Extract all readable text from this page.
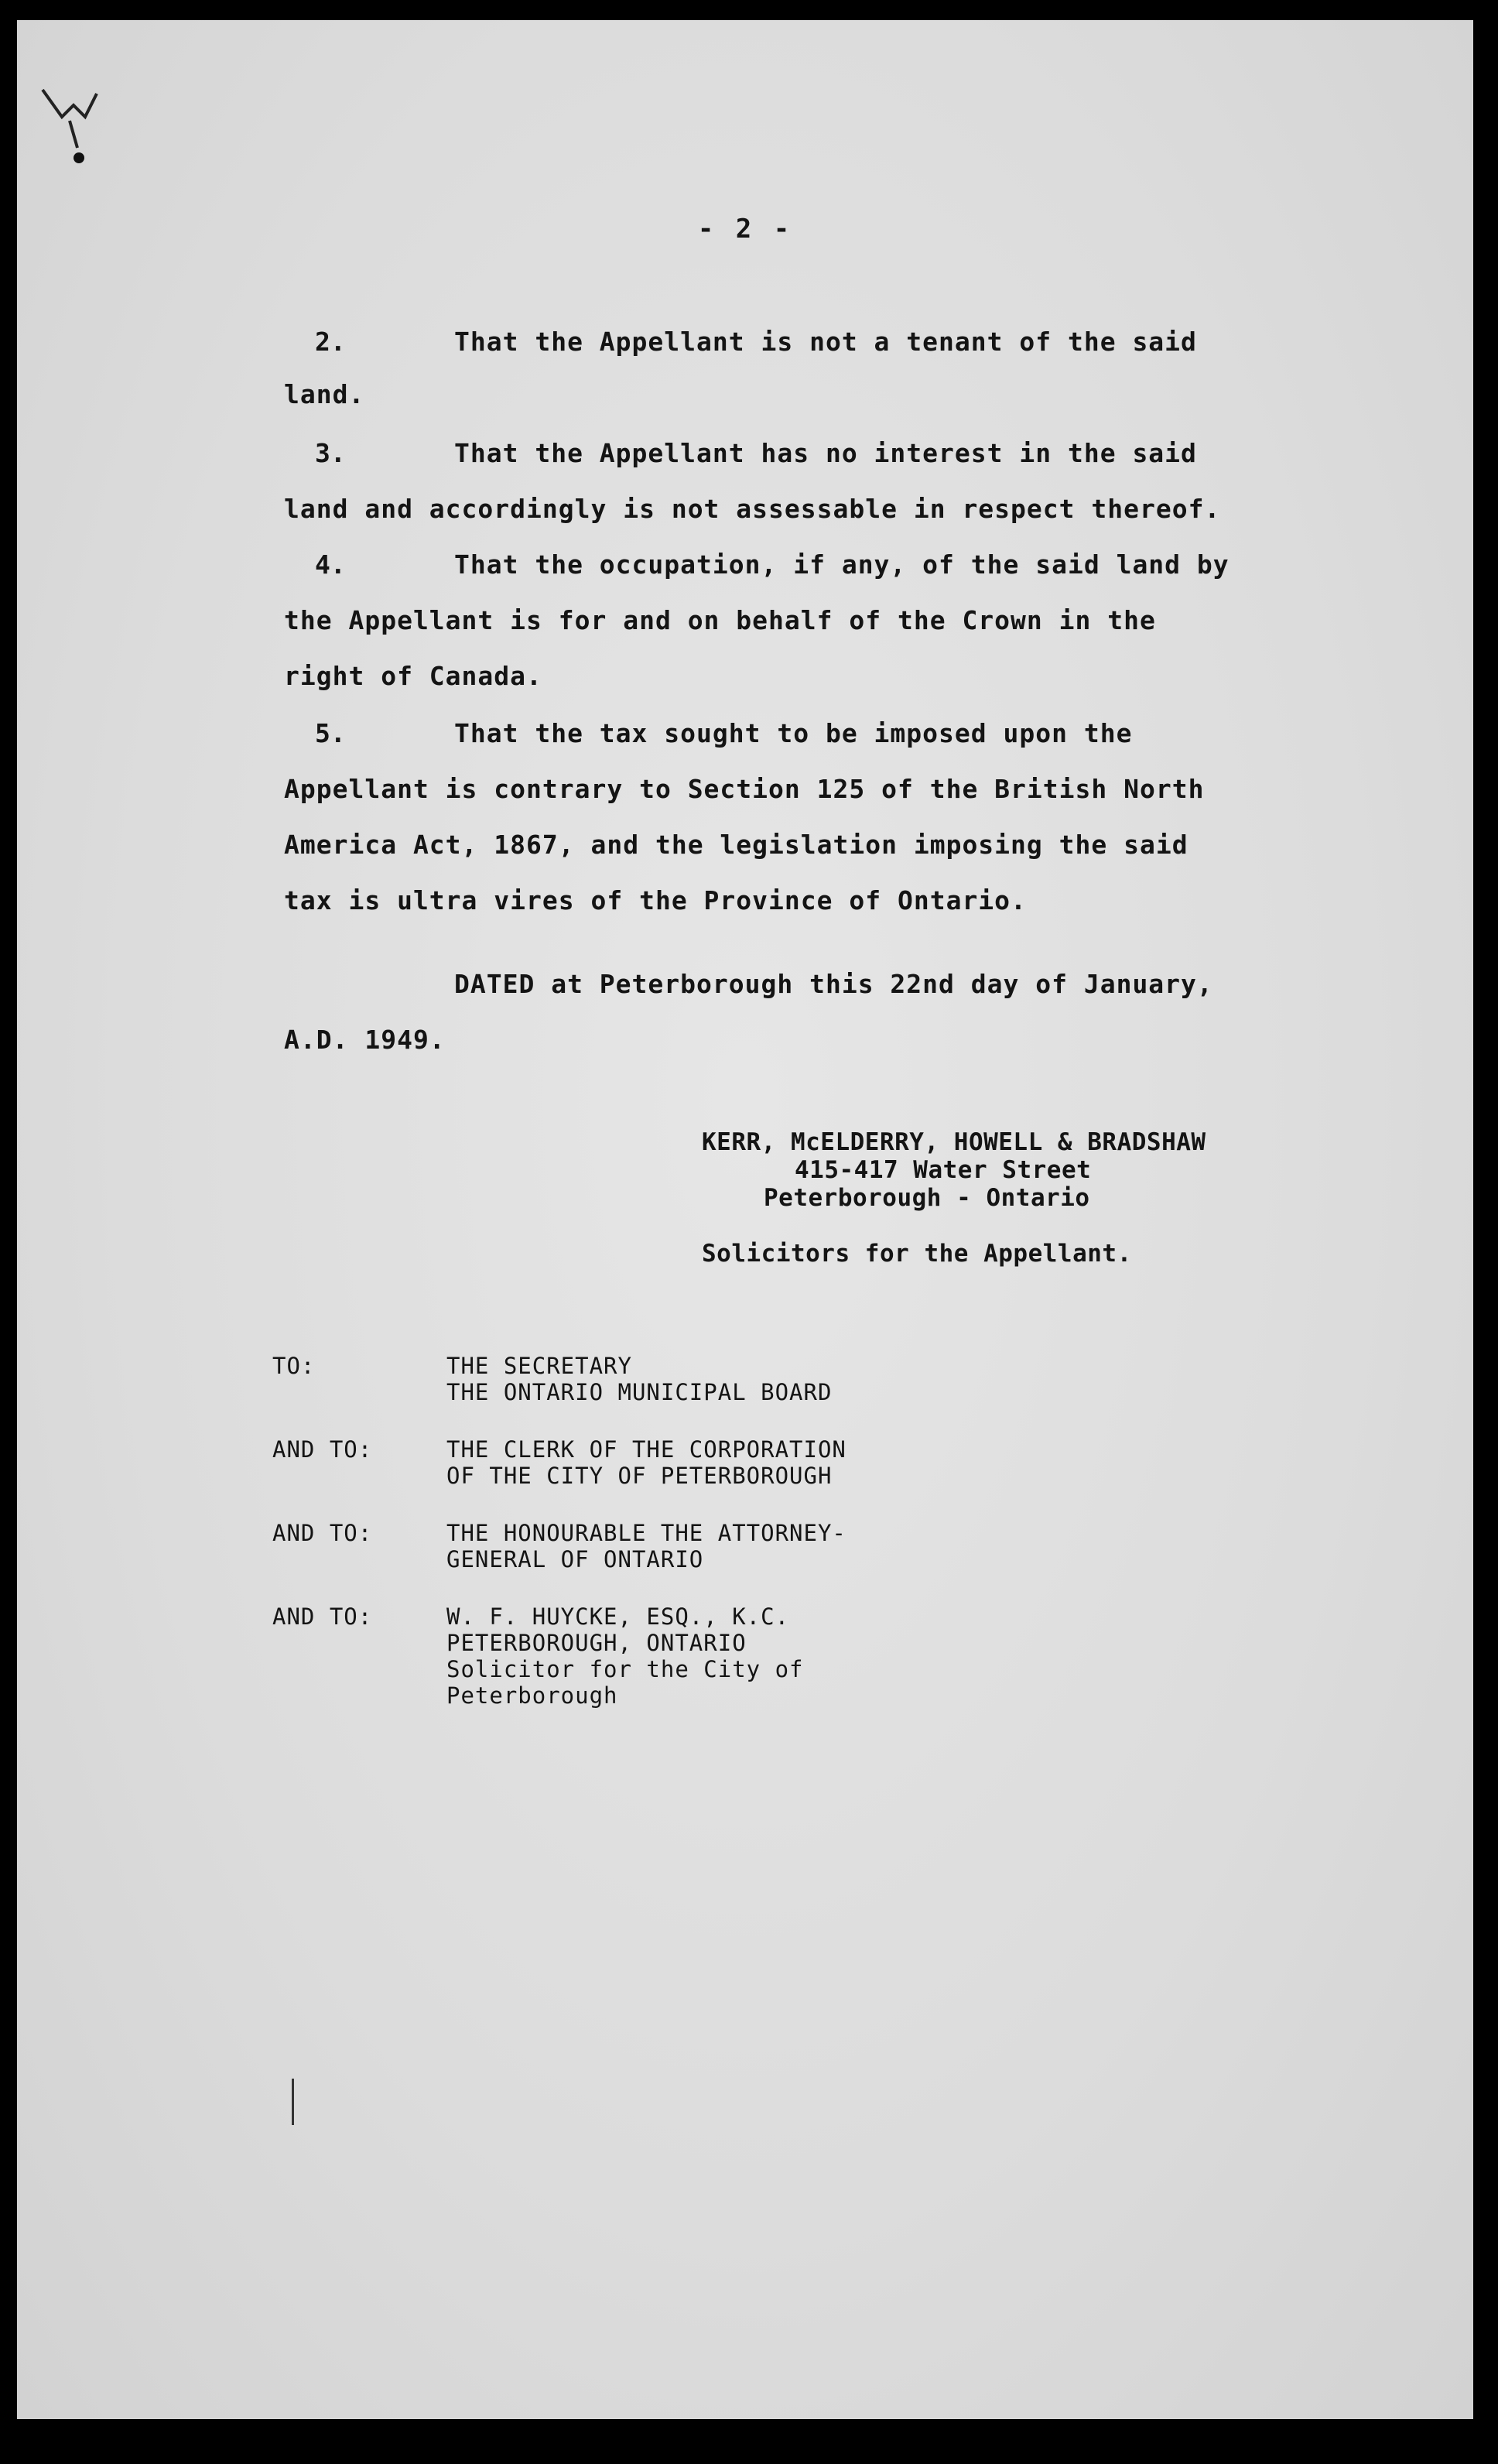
- 2 -
2.	That the Appellant is not a tenant of the said
land.
3.	That the Appellant has no interest in the said
land and accordingly is not assessable in respect thereof.
4.	That the occupation, if any, of the said land by
the Appellant is for and on behalf of the Crown in the
right of Canada.
5.	That the tax sought to be imposed upon the
Appellant is contrary to Section 125 of the British North
America Act, 1867, and the legislation imposing the said
tax is ultra vires of the Province of Ontario.
DATED at Peterborough this 22nd day of January,
A.D. 1949.
KERR, McELDERRY, HOWELL & BRADSHAW
415-417 Water Street
Peterborough - Ontario
Solicitors for the Appellant.
TO:	THE SECRETARY
THE ONTARIO MUNICIPAL BOARD
AND TO:	THE CLERK OF THE CORPORATION
OF THE CITY OF PETERBOROUGH
AND TO:	THE HONOURABLE THE ATTORNEY-
GENERAL OF ONTARIO
AND TO:	W. F. HUYCKE, ESQ., K.C.
PETERBOROUGH, ONTARIO
Solicitor for the City of
Peterborough
